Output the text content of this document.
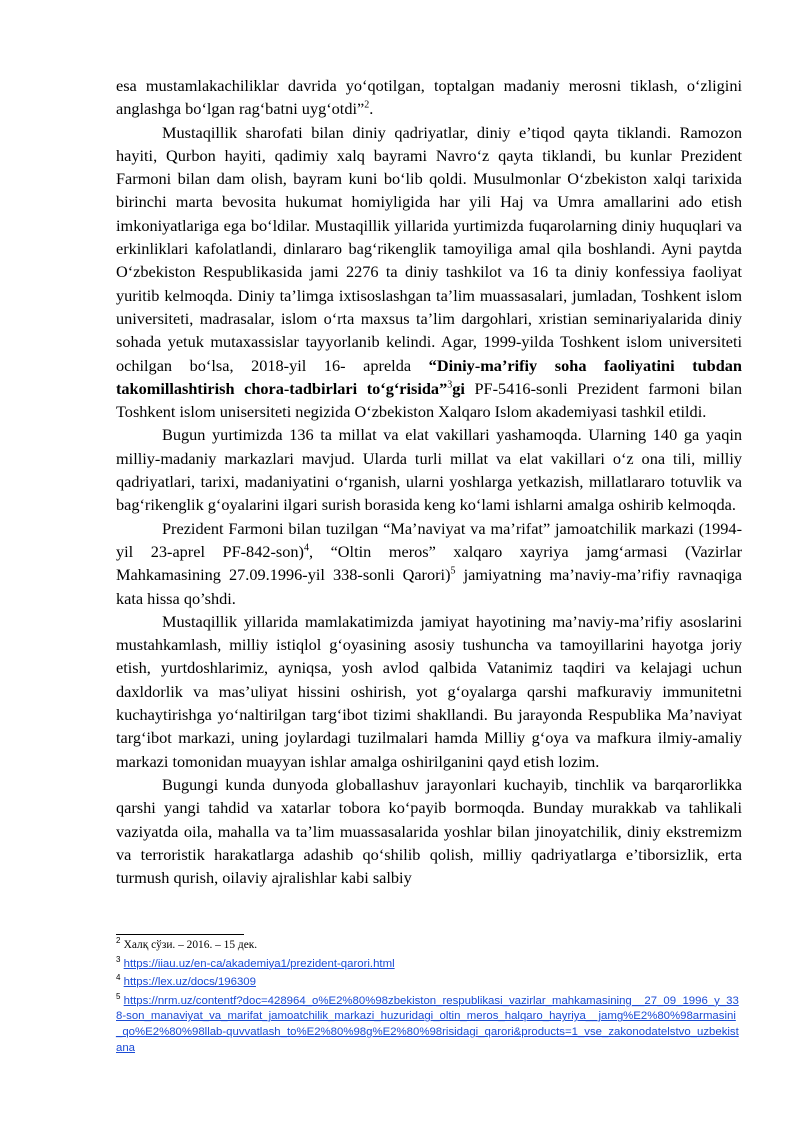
esa mustamlakachiliklar davrida yo‘qotilgan, toptalgan madaniy merosni tiklash, o‘zligini anglashga bo‘lgan rag‘batni uyg‘otdi”$^2$.

Mustaqillik sharofati bilan diniy qadriyatlar, diniy e’tiqod qayta tiklandi. Ramozon hayiti, Qurbon hayiti, qadimiy xalq bayrami Navro‘z qayta tiklandi, bu kunlar Prezident Farmoni bilan dam olish, bayram kuni bo‘lib qoldi. Musulmonlar O‘zbekiston xalqi tarixida birinchi marta bevosita hukumat homiyligida har yili Haj va Umra amallarini ado etish imkoniyatlariga ega bo‘ldilar. Mustaqillik yillarida yurtimizda fuqarolarning diniy huquqlari va erkinliklari kafolatlandi, dinlararo bag‘rikenglik tamoyiliga amal qila boshlandi. Ayni paytda O‘zbekiston Respublikasida jami 2276 ta diniy tashkilot va 16 ta diniy konfessiya faoliyat yuritib kelmoqda. Diniy ta’limga ixtisoslashgan ta’lim muassasalari, jumladan, Toshkent islom universiteti, madrasalar, islom o‘rta maxsus ta’lim dargohlari, xristian seminariyalarida diniy sohada yetuk mutaxassislar tayyorlanib kelindi. Agar, 1999-yilda Toshkent islom universiteti ochilgan bo‘lsa, 2018-yil 16- aprelda “Diniy-ma’rifiy soha faoliyatini tubdan takomillashtirish chora-tadbirlari to‘g‘risida”$^3$gi PF-5416-sonli Prezident farmoni bilan Toshkent islom unisersiteti negizida O‘zbekiston Xalqaro Islom akademiyasi tashkil etildi.

Bugun yurtimizda 136 ta millat va elat vakillari yashamoqda. Ularning 140 ga yaqin milliy-madaniy markazlari mavjud. Ularda turli millat va elat vakillari o‘z ona tili, milliy qadriyatlari, tarixi, madaniyatini o‘rganish, ularni yoshlarga yetkazish, millatlararo totuvlik va bag‘rikenglik g‘oyalarini ilgari surish borasida keng ko‘lami ishlarni amalga oshirib kelmoqda.

Prezident Farmoni bilan tuzilgan “Ma’naviyat va ma’rifat” jamoatchilik markazi (1994-yil 23-aprel PF-842-son)$^4$, “Oltin meros” xalqaro xayriya jamg‘armasi (Vazirlar Mahkamasining 27.09.1996-yil 338-sonli Qarori)$^5$ jamiyatning ma’naviy-ma’rifiy ravnaqiga kata hissa qo’shdi.

Mustaqillik yillarida mamlakatimizda jamiyat hayotining ma’naviy-ma’rifiy asoslarini mustahkamlash, milliy istiqlol g‘oyasining asosiy tushuncha va tamoyillarini hayotga joriy etish, yurtdoshlarimiz, ayniqsa, yosh avlod qalbida Vatanimiz taqdiri va kelajagi uchun daxldorlik va mas’uliyat hissini oshirish, yot g‘oyalarga qarshi mafkuraviy immunitetni kuchaytirishga yo‘naltirilgan targ‘ibot tizimi shakllandi. Bu jarayonda Respublika Ma’naviyat targ‘ibot markazi, uning joylardagi tuzilmalari hamda Milliy g‘oya va mafkura ilmiy-amaliy markazi tomonidan muayyan ishlar amalga oshirilganini qayd etish lozim.

Bugungi kunda dunyoda globallashuv jarayonlari kuchayib, tinchlik va barqarorlikka qarshi yangi tahdid va xatarlar tobora ko‘payib bormoqda. Bunday murakkab va tahlikali vaziyatda oila, mahalla va ta’lim muassasalarida yoshlar bilan jinoyatchilik, diniy ekstremizm va terroristik harakatlarga adashib qo‘shilib qolish, milliy qadriyatlarga e’tiborsizlik, erta turmush qurish, oilaviy ajralishlar kabi salbiy

$^2$ Халқ сўзи. – 2016. – 15 дек.

$^3$ https://iiau.uz/en-ca/akademiya1/prezident-qarori.html

$^4$ https://lex.uz/docs/196309

$^5$ https://nrm.uz/contentf?doc=428964_o%E2%80%98zbekiston_respublikasi_vazirlar_mahkamasining__27_09_1996_y_338-son_manaviyat_va_marifat_jamoatchilik_markazi_huzuridagi_oltin_meros_halqaro_hayriya__jamg%E2%80%98armasini_qo%E2%80%98llab-quvvatlash_to%E2%80%98g%E2%80%98risidagi_qarori&products=1_vse_zakonodatelstvo_uzbekistana
